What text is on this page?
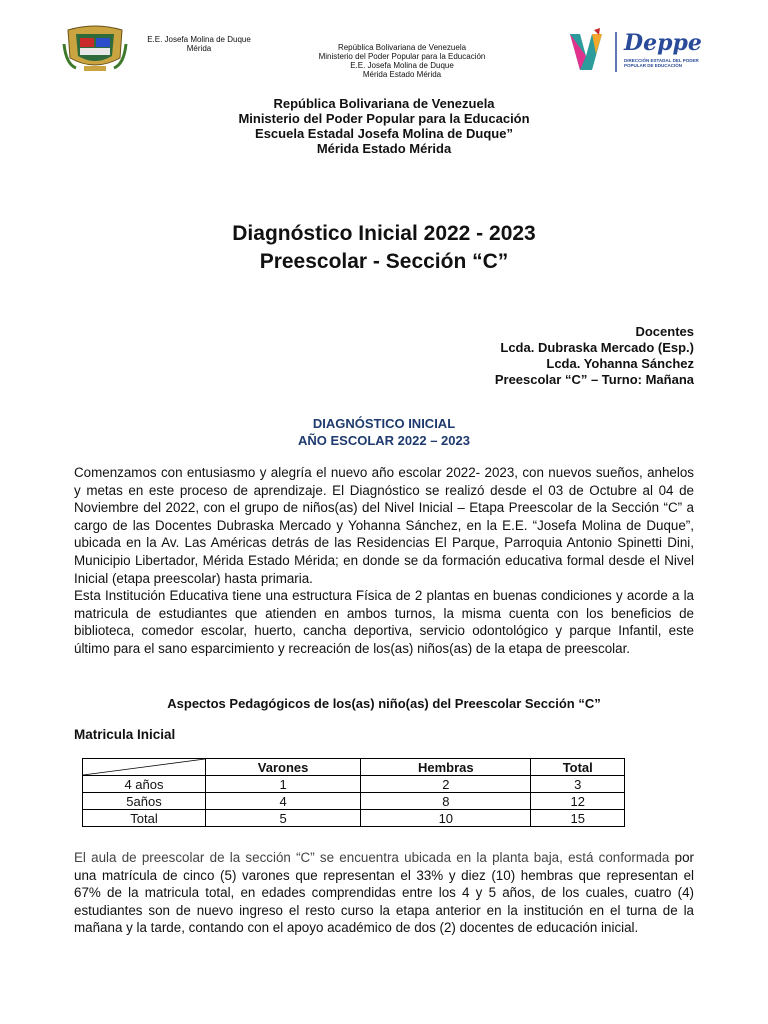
E.E. Josefa Molina de Duque
Mérida	República Bolivariana de Venezuela
Ministerio del Poder Popular para la Educación
E.E. Josefa Molina de Duque
Mérida Estado Mérida
Deppe
DIRECCIÓN ESTADAL DEL PODER POPULAR DE EDUCACIÓN
República Bolivariana de Venezuela
Ministerio del Poder Popular para la Educación
Escuela Estadal Josefa Molina de Duque”
Mérida Estado Mérida
Diagnóstico Inicial 2022 - 2023
Preescolar - Sección “C”
Docentes
Lcda. Dubraska Mercado (Esp.)
Lcda. Yohanna Sánchez
Preescolar “C” – Turno: Mañana
DIAGNÓSTICO INICIAL
AÑO ESCOLAR 2022 – 2023
Comenzamos con entusiasmo y alegría el nuevo año escolar 2022- 2023, con nuevos sueños, anhelos y metas en este proceso de aprendizaje. El Diagnóstico se realizó desde el 03 de Octubre al 04 de Noviembre del 2022, con el grupo de niños(as) del Nivel Inicial – Etapa Preescolar de la Sección “C” a cargo de las Docentes Dubraska Mercado y Yohanna Sánchez, en la E.E. “Josefa Molina de Duque”, ubicada en la Av. Las Américas detrás de las Residencias El Parque, Parroquia Antonio Spinetti Dini, Municipio Libertador, Mérida Estado Mérida; en donde se da formación educativa formal desde el Nivel Inicial (etapa preescolar) hasta primaria.
Esta Institución Educativa tiene una estructura Física de 2 plantas en buenas condiciones y acorde a la matricula de estudiantes que atienden en ambos turnos, la misma cuenta con los beneficios de biblioteca, comedor escolar, huerto, cancha deportiva, servicio odontológico y parque Infantil, este último para el sano esparcimiento y recreación de los(as) niños(as) de la etapa de preescolar.
Aspectos Pedagógicos de los(as) niño(as) del Preescolar Sección “C”
Matricula Inicial
	Varones	Hembras	Total
4 años	1	2	3
5años	4	8	12
Total	5	10	15
El aula de preescolar de la sección “C” se encuentra ubicada en la planta baja, está conformada por una matrícula de cinco (5) varones que representan el 33% y diez (10) hembras que representan el 67% de la matricula total, en edades comprendidas entre los 4 y 5 años, de los cuales, cuatro (4) estudiantes son de nuevo ingreso el resto curso la etapa anterior en la institución en el turna de la mañana y la tarde, contando con el apoyo académico de dos (2) docentes de educación inicial.
